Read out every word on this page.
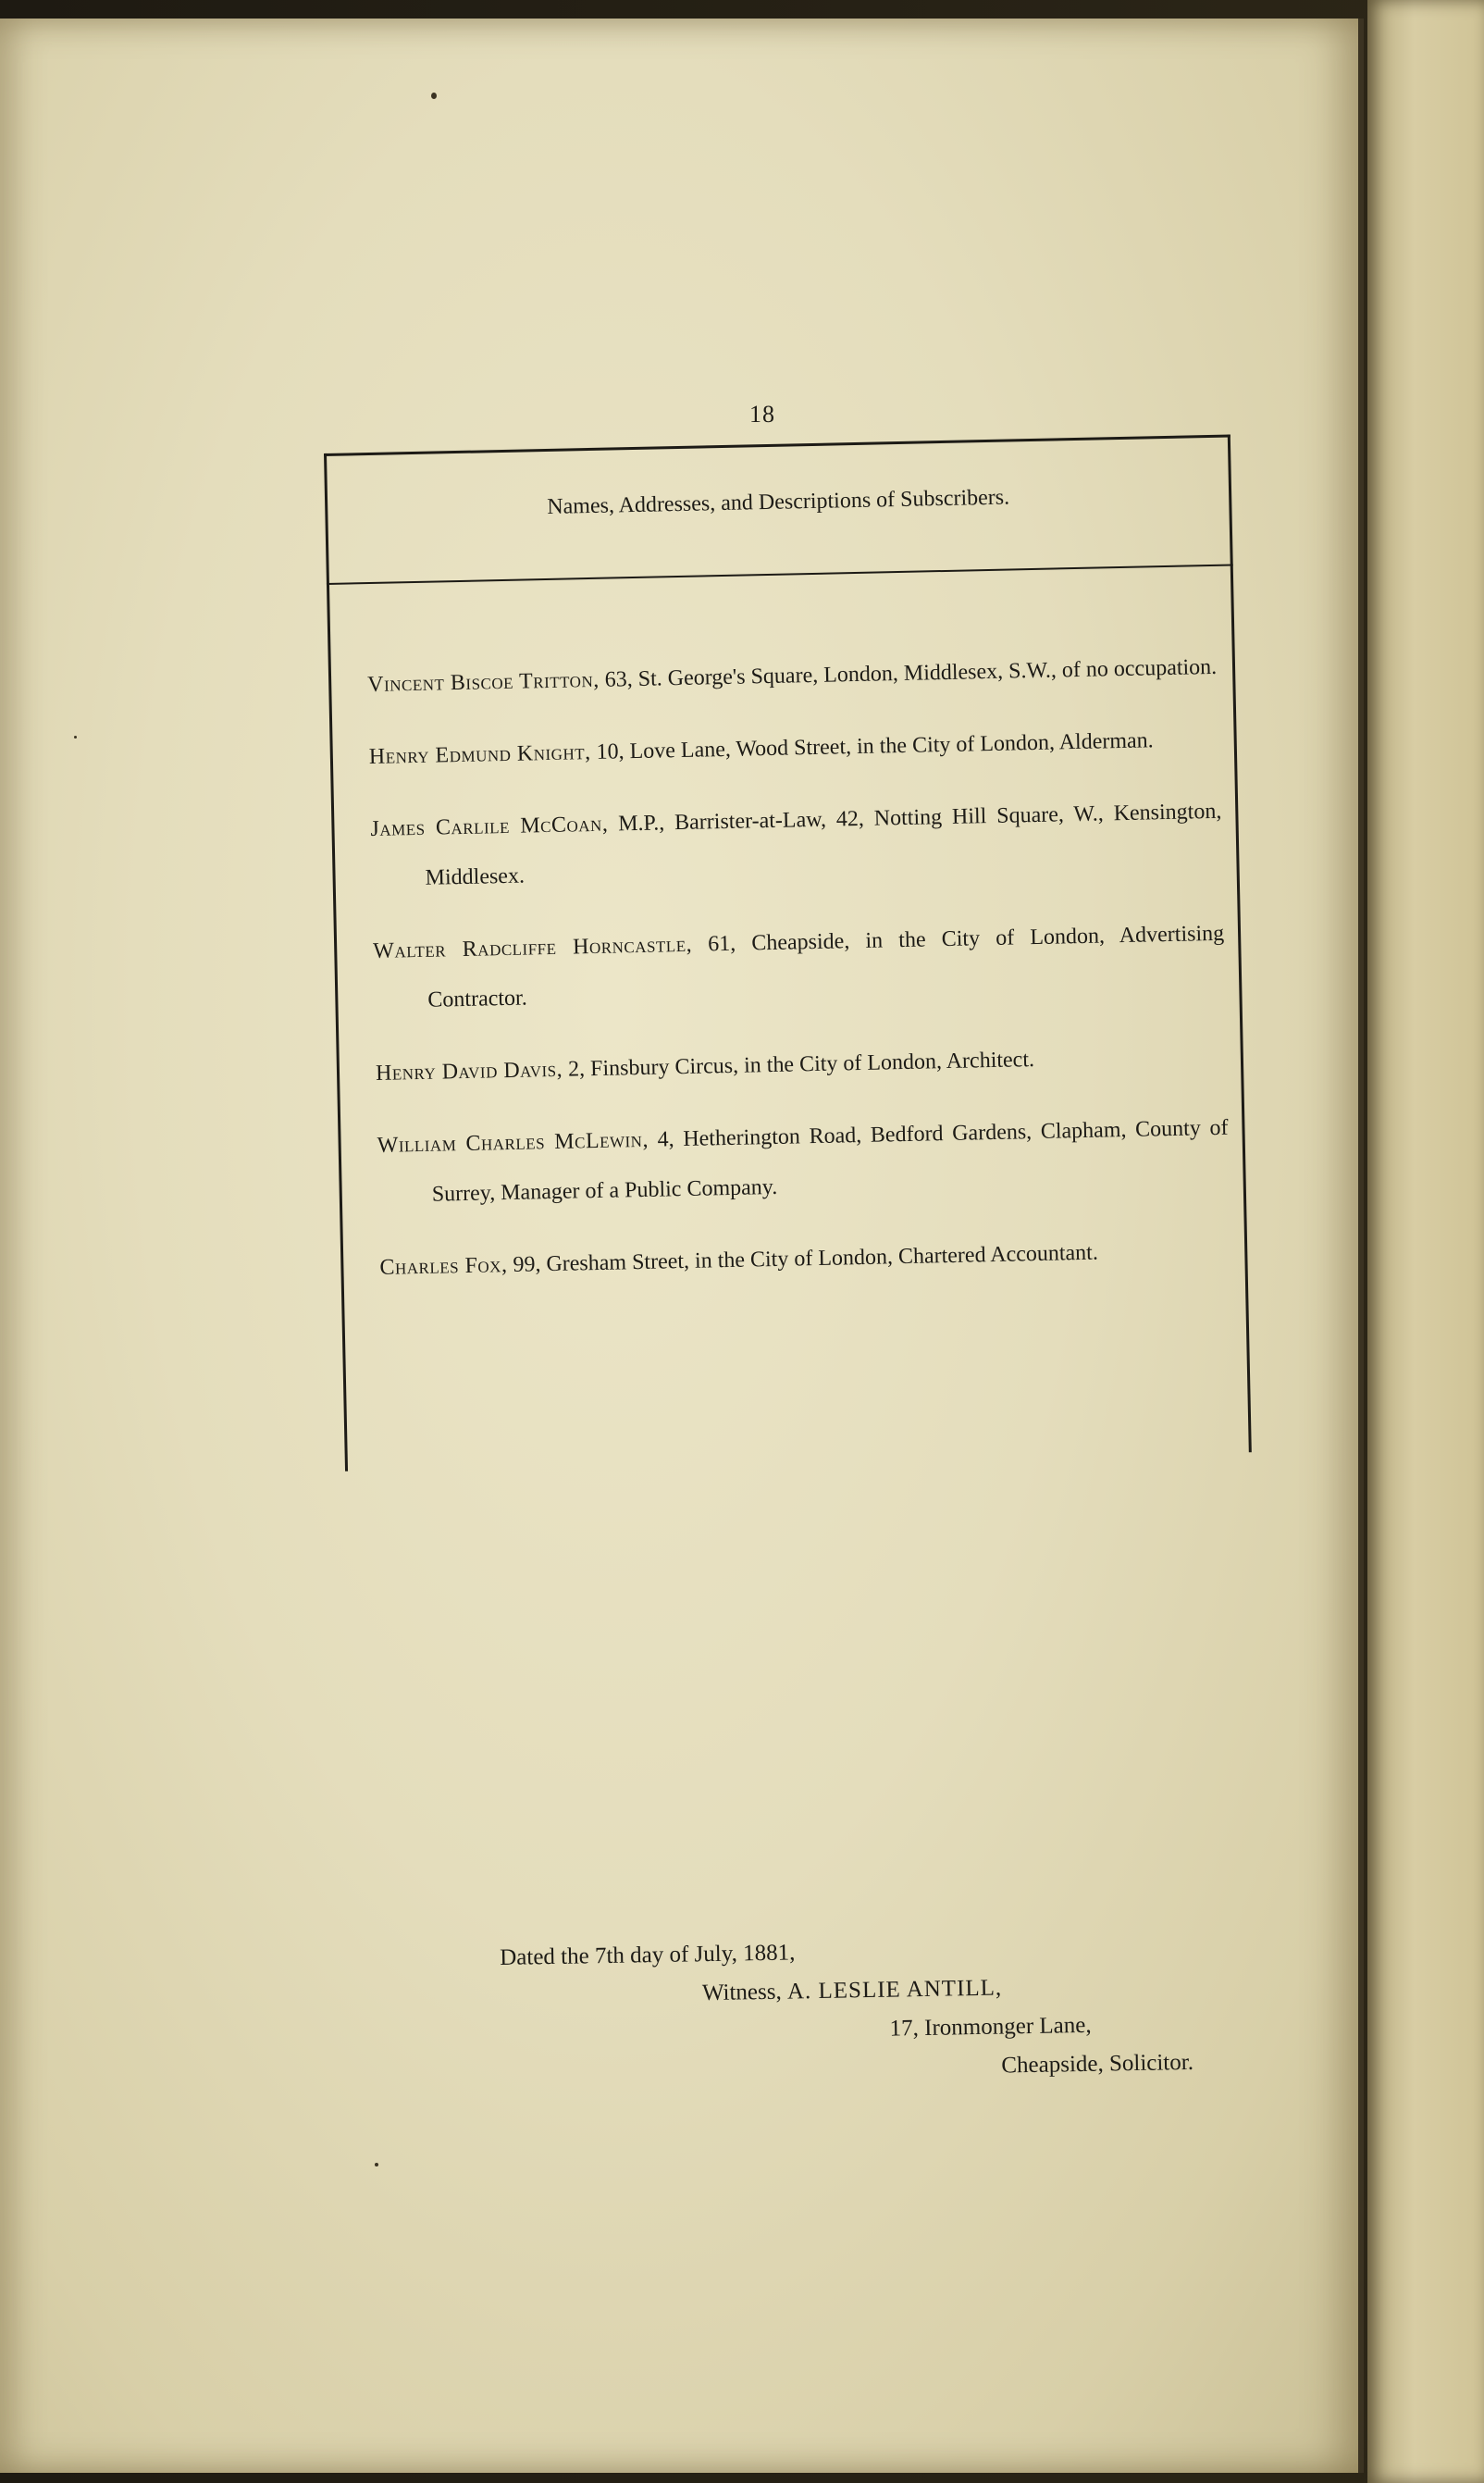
18
Names, Addresses, and Descriptions of Subscribers.

Vincent Biscoe Tritton, 63, St. George's Square, London, Middlesex, S.W., of no occupation.

Henry Edmund Knight, 10, Love Lane, Wood Street, in the City of London, Alderman.

James Carlile McCoan, M.P., Barrister-at-Law, 42, Notting Hill Square, W., Kensington, Middlesex.

Walter Radcliffe Horncastle, 61, Cheapside, in the City of London, Advertising Contractor.

Henry David Davis, 2, Finsbury Circus, in the City of London, Architect.

William Charles McLewin, 4, Hetherington Road, Bedford Gardens, Clapham, County of Surrey, Manager of a Public Company.

Charles Fox, 99, Gresham Street, in the City of London, Chartered Accountant.

Dated the 7th day of July, 1881,
Witness, A. LESLIE ANTILL,
17, Ironmonger Lane,
Cheapside, Solicitor.
